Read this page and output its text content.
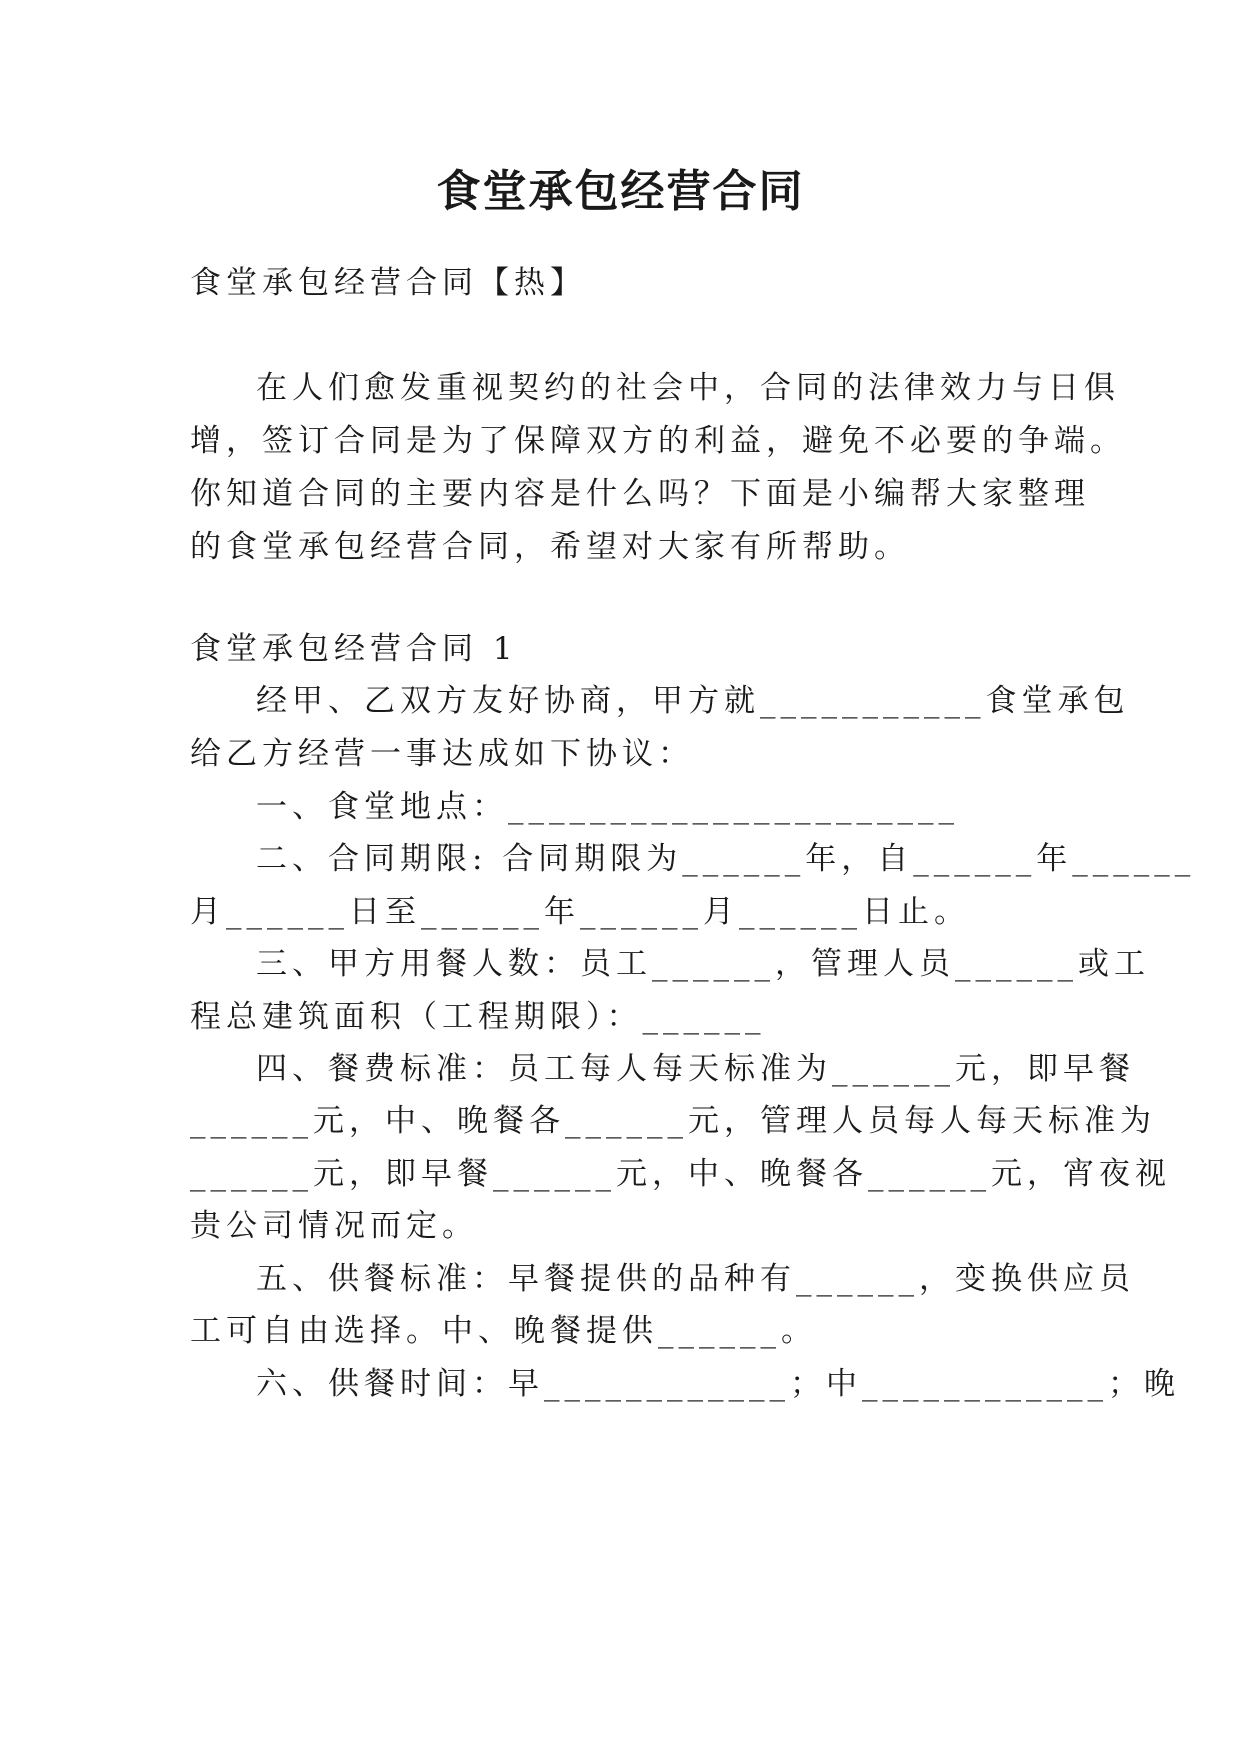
食堂承包经营合同
食堂承包经营合同【热】
在人们愈发重视契约的社会中，合同的法律效力与日俱
增，签订合同是为了保障双方的利益，避免不必要的争端。
你知道合同的主要内容是什么吗？下面是小编帮大家整理
的食堂承包经营合同，希望对大家有所帮助。
食堂承包经营合同 1
经甲、乙双方友好协商，甲方就___________食堂承包
给乙方经营一事达成如下协议：
一、食堂地点：______________________
二、合同期限: 合同期限为______年，自______年______
月______日至______年______月______日止。
三、甲方用餐人数：员工______，管理人员______或工
程总建筑面积（工程期限）：______
四、餐费标准：员工每人每天标准为______元，即早餐
______元，中、晚餐各______元，管理人员每人每天标准为
______元，即早餐______元，中、晚餐各______元，宵夜视
贵公司情况而定。
五、供餐标准：早餐提供的品种有______，变换供应员
工可自由选择。中、晚餐提供______。
六、供餐时间：早____________；中____________；晚
